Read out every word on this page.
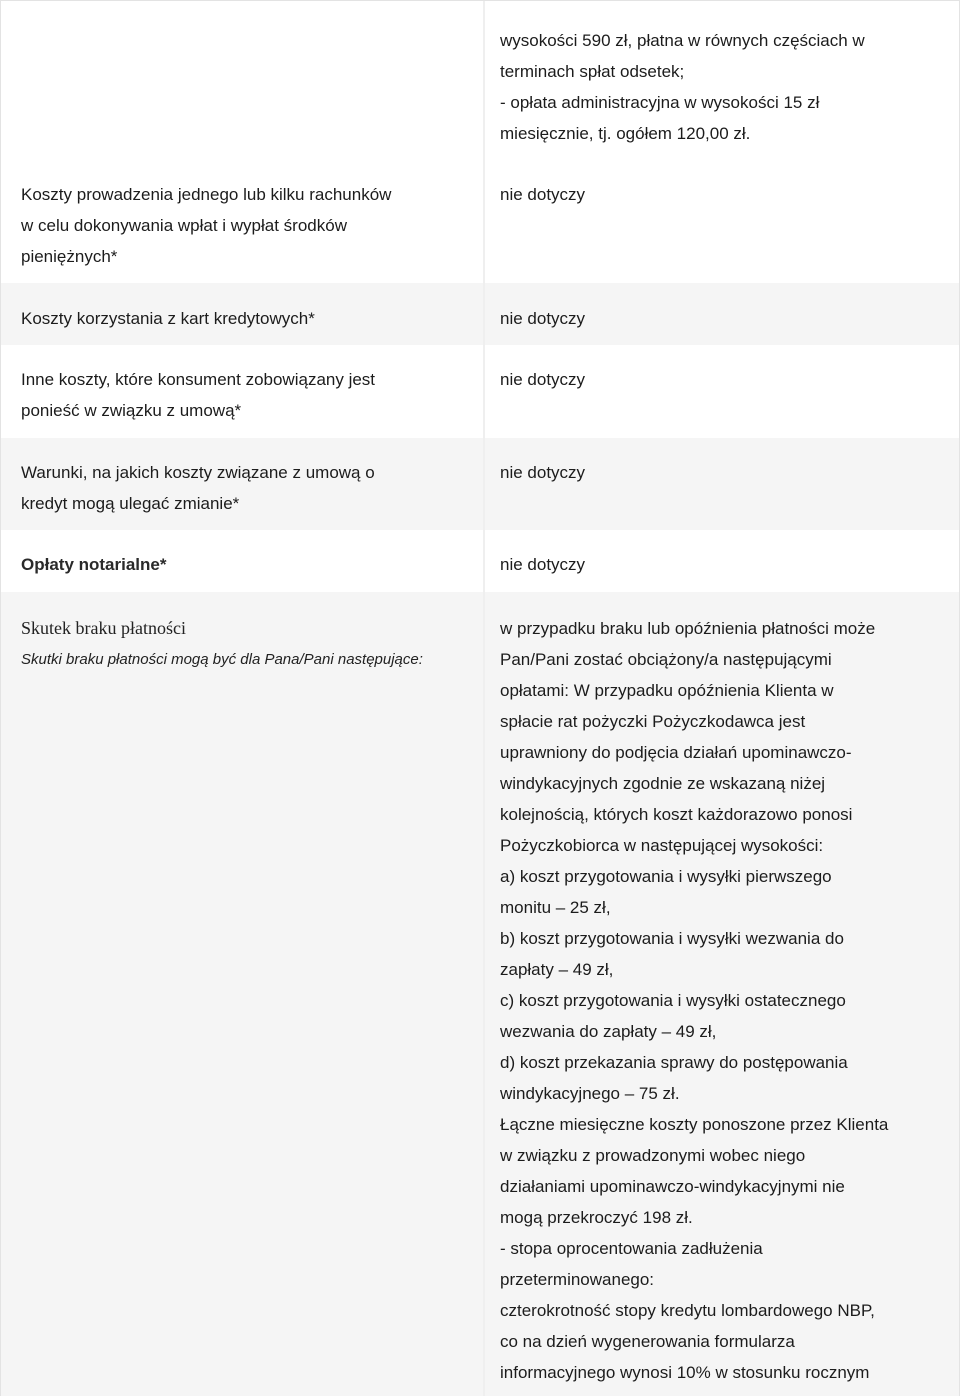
wysokości 590 zł, płatna w równych częściach w

terminach spłat odsetek;

- opłata administracyjna w wysokości 15 zł

miesięcznie, tj. ogółem 120,00 zł.

Koszty prowadzenia jednego lub kilku rachunków

w celu dokonywania wpłat i wypłat środków

pieniężnych*

nie dotyczy

Koszty korzystania z kart kredytowych*	nie dotyczy

Inne koszty, które konsument zobowiązany jest

ponieść w związku z umową*

nie dotyczy

Warunki, na jakich koszty związane z umową o

kredyt mogą ulegać zmianie*

nie dotyczy

Opłaty notarialne*	nie dotyczy

Skutek braku płatności

Skutki braku płatności mogą być dla Pana/Pani następujące:

w przypadku braku lub opóźnienia płatności może

Pan/Pani zostać obciążony/a następującymi

opłatami: W przypadku opóźnienia Klienta w

spłacie rat pożyczki Pożyczkodawca jest

uprawniony do podjęcia działań upominawczo-

windykacyjnych zgodnie ze wskazaną niżej

kolejnością, których koszt każdorazowo ponosi

Pożyczkobiorca w następującej wysokości:

a) koszt przygotowania i wysyłki pierwszego

monitu – 25 zł,

b) koszt przygotowania i wysyłki wezwania do

zapłaty – 49 zł,

c) koszt przygotowania i wysyłki ostatecznego

wezwania do zapłaty – 49 zł,

d) koszt przekazania sprawy do postępowania

windykacyjnego – 75 zł.

Łączne miesięczne koszty ponoszone przez Klienta

w związku z prowadzonymi wobec niego

działaniami upominawczo-windykacyjnymi nie

mogą przekroczyć 198 zł.

- stopa oprocentowania zadłużenia

przeterminowanego:

czterokrotność stopy kredytu lombardowego NBP,

co na dzień wygenerowania formularza

informacyjnego wynosi 10% w stosunku rocznym
